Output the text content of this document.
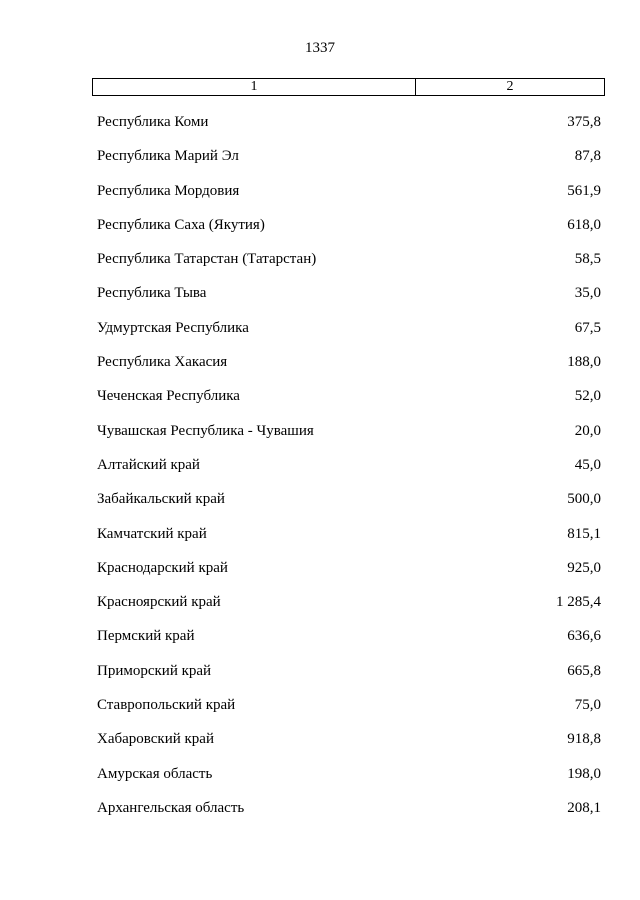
1337
1	2
Республика Коми	375,8
Республика Марий Эл	87,8
Республика Мордовия	561,9
Республика Саха (Якутия)	618,0
Республика Татарстан (Татарстан)	58,5
Республика Тыва	35,0
Удмуртская Республика	67,5
Республика Хакасия	188,0
Чеченская Республика	52,0
Чувашская Республика - Чувашия	20,0
Алтайский край	45,0
Забайкальский край	500,0
Камчатский край	815,1
Краснодарский край	925,0
Красноярский край	1 285,4
Пермский край	636,6
Приморский край	665,8
Ставропольский край	75,0
Хабаровский край	918,8
Амурская область	198,0
Архангельская область	208,1
